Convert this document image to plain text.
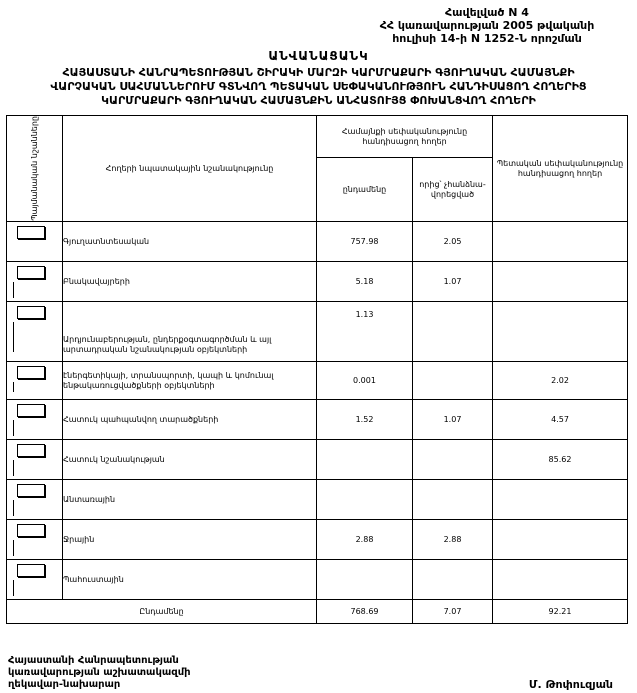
Հավելված N 4
ՀՀ կառավարության 2005 թվականի
հուլիսի 14-ի N 1252-Ն որոշման
ԱՆՎԱՆԱՑԱՆԿ
ՀԱՅԱՍՏԱՆԻ ՀԱՆՐԱՊԵՏՈՒԹՅԱՆ ՇԻՐԱԿԻ ՄԱՐԶԻ ԿԱՐՄՐԱՔԱՐԻ ԳՅՈՒՂԱԿԱՆ ՀԱՄԱՅՆՔԻ
ՎԱՐՉԱԿԱՆ ՍԱՀՄԱՆՆԵՐՈՒՄ ԳՏՆՎՈՂ ՊԵՏԱԿԱՆ ՍԵՓԱԿԱՆՈՒԹՅՈՒՆ ՀԱՆԴԻՍԱՑՈՂ ՀՈՂԵՐԻՑ
ԿԱՐՄՐԱՔԱՐԻ ԳՅՈՒՂԱԿԱՆ ՀԱՄԱՅՆՔԻՆ ԱՆՀԱՏՈՒՅՑ ՓՈԽԱՆՑՎՈՂ ՀՈՂԵՐԻ
Պայմանական նշանները	Հողերի նպատակային նշանակությունը	Համայնքի սեփականությունը հանդիսացող հողեր		Պետական սեփականությունը հանդիսացող հողեր
		ընդամենը	որից՝ չհանձնա-վորեցված	

	Գյուղատնտեսական	757.98	2.05	

	Բնակավայրերի	5.18	1.07	

	Արդյունաբերության, ընդերքօգտագործման և այլ արտադրական նշանակության օբյեկտների	1.13		

	էներգետիկայի, տրանսպորտի, կապի և կոմունալ ենթակառուցվածքների օբյեկտների	0.001		2.02

	Հատուկ պահպանվող տարածքների	1.52	1.07	4.57

	Հատուկ նշանակության			85.62

	Անտառային			

	Ջրային	2.88	2.88	

	Պահուստային			
Ընդամենը		768.69	7.07	92.21
Հայաստանի Հանրապետության
կառավարության աշխատակազմի
ղեկավար-նախարար	Մ. Թոփուզյան
